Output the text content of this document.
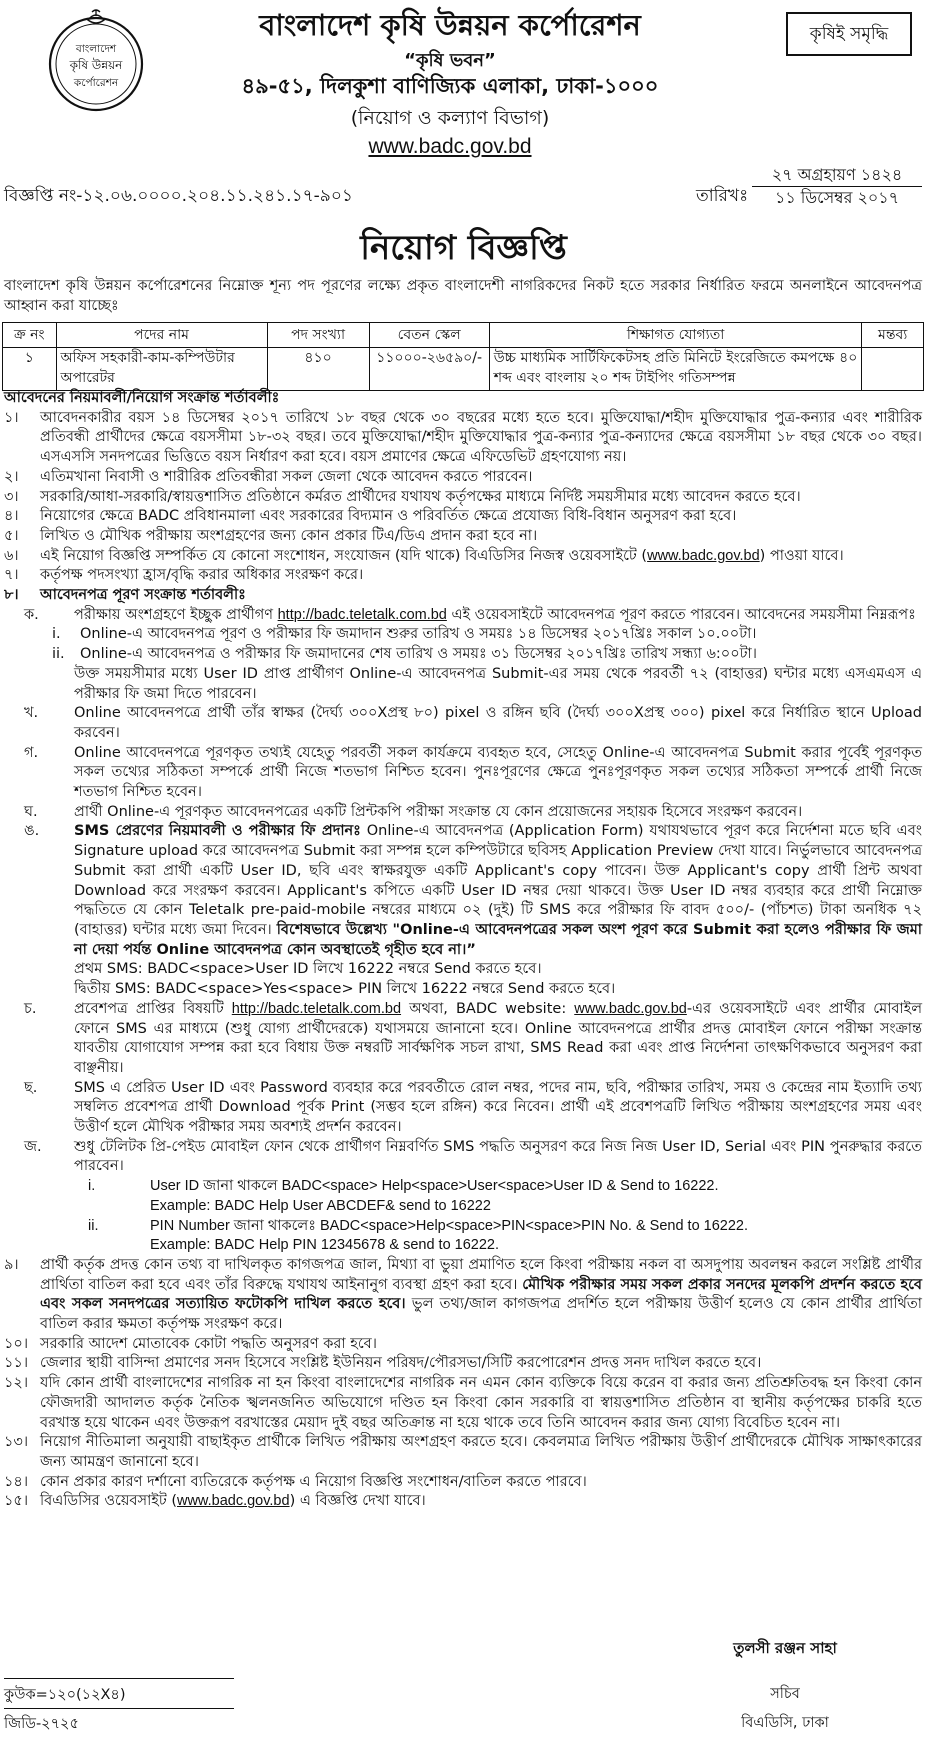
বাংলাদেশ
কৃষি উন্নয়ন
কর্পোরেশন
বাংলাদেশ কৃষি উন্নয়ন কর্পোরেশন
“কৃষি ভবন”
৪৯-৫১, দিলকুশা বাণিজ্যিক এলাকা, ঢাকা-১০০০
(নিয়োগ ও কল্যাণ বিভাগ)
www.badc.gov.bd
কৃষিই সমৃদ্ধি
বিজ্ঞপ্তি নং-১২.০৬.০০০০.২০৪.১১.২৪১.১৭-৯০১	তারিখঃ
২৭ অগ্রহায়ণ ১৪২৪
১১ ডিসেম্বর ২০১৭
নিয়োগ বিজ্ঞপ্তি
বাংলাদেশ কৃষি উন্নয়ন কর্পোরেশনের নিম্নোক্ত শূন্য পদ পূরণের লক্ষ্যে প্রকৃত বাংলাদেশী নাগরিকদের নিকট হতে সরকার নির্ধারিত ফরমে অনলাইনে আবেদনপত্র আহ্বান করা যাচ্ছেঃ
ক্র নং	পদের নাম	পদ সংখ্যা	বেতন স্কেল	শিক্ষাগত যোগ্যতা	মন্তব্য
১	অফিস সহকারী-কাম-কম্পিউটার অপারেটর	৪১০	১১০০০-২৬৫৯০/-	উচ্চ মাধ্যমিক সার্টিফিকেটসহ প্রতি মিনিটে ইংরেজিতে কমপক্ষে ৪০ শব্দ এবং বাংলায় ২০ শব্দ টাইপিং গতিসম্পন্ন	
আবেদনের নিয়মাবলী/নিয়োগ সংক্রান্ত শর্তাবলীঃ
১। আবেদনকারীর বয়স ১৪ ডিসেম্বর ২০১৭ তারিখে ১৮ বছর থেকে ৩০ বছরের মধ্যে হতে হবে। মুক্তিযোদ্ধা/শহীদ মুক্তিযোদ্ধার পুত্র-কন্যার এবং শারীরিক প্রতিবন্ধী প্রার্থীদের ক্ষেত্রে বয়সসীমা ১৮-৩২ বছর। তবে মুক্তিযোদ্ধা/শহীদ মুক্তিযোদ্ধার পুত্র-কন্যার পুত্র-কন্যাদের ক্ষেত্রে বয়সসীমা ১৮ বছর থেকে ৩০ বছর। এসএসসি সনদপত্রের ভিত্তিতে বয়স নির্ধারণ করা হবে। বয়স প্রমাণের ক্ষেত্রে এফিডেভিট গ্রহণযোগ্য নয়।
২। এতিমখানা নিবাসী ও শারীরিক প্রতিবন্ধীরা সকল জেলা থেকে আবেদন করতে পারবেন।
৩। সরকারি/আধা-সরকারি/স্বায়ত্তশাসিত প্রতিষ্ঠানে কর্মরত প্রার্থীদের যথাযথ কর্তৃপক্ষের মাধ্যমে নির্দিষ্ট সময়সীমার মধ্যে আবেদন করতে হবে।
৪। নিয়োগের ক্ষেত্রে BADC প্রবিধানমালা এবং সরকারের বিদ্যমান ও পরিবর্তিত ক্ষেত্রে প্রযোজ্য বিধি-বিধান অনুসরণ করা হবে।
৫। লিখিত ও মৌখিক পরীক্ষায় অংশগ্রহণের জন্য কোন প্রকার টিএ/ডিএ প্রদান করা হবে না।
৬। এই নিয়োগ বিজ্ঞপ্তি সম্পর্কিত যে কোনো সংশোধন, সংযোজন (যদি থাকে) বিএডিসির নিজস্ব ওয়েবসাইটে (www.badc.gov.bd) পাওয়া যাবে।
৭। কর্তৃপক্ষ পদসংখ্যা হ্রাস/বৃদ্ধি করার অধিকার সংরক্ষণ করে।
৮। আবেদনপত্র পূরণ সংক্রান্ত শর্তাবলীঃ
ক. পরীক্ষায় অংশগ্রহণে ইচ্ছুক প্রার্থীগণ http://badc.teletalk.com.bd এই ওয়েবসাইটে আবেদনপত্র পূরণ করতে পারবেন। আবেদনের সময়সীমা নিম্নরূপঃ
i. Online-এ আবেদনপত্র পূরণ ও পরীক্ষার ফি জমাদান শুরুর তারিখ ও সময়ঃ ১৪ ডিসেম্বর ২০১৭খ্রিঃ সকাল ১০.০০টা।
ii. Online-এ আবেদনপত্র ও পরীক্ষার ফি জমাদানের শেষ তারিখ ও সময়ঃ ৩১ ডিসেম্বর ২০১৭খ্রিঃ তারিখ সন্ধ্যা ৬:০০টা।
উক্ত সময়সীমার মধ্যে User ID প্রাপ্ত প্রার্থীগণ Online-এ আবেদনপত্র Submit-এর সময় থেকে পরবর্তী ৭২ (বাহাত্তর) ঘন্টার মধ্যে এসএমএস এ পরীক্ষার ফি জমা দিতে পারবেন।
খ. Online আবেদনপত্রে প্রার্থী তাঁর স্বাক্ষর (দৈর্ঘ্য ৩০০Xপ্রস্থ ৮০) pixel ও রঙ্গিন ছবি (দৈর্ঘ্য ৩০০Xপ্রস্থ ৩০০) pixel করে নির্ধারিত স্থানে Upload করবেন।
গ. Online আবেদনপত্রে পূরণকৃত তথ্যই যেহেতু পরবর্তী সকল কার্যক্রমে ব্যবহৃত হবে, সেহেতু Online-এ আবেদনপত্র Submit করার পূর্বেই পূরণকৃত সকল তথ্যের সঠিকতা সম্পর্কে প্রার্থী নিজে শতভাগ নিশ্চিত হবেন। পুনঃপূরণের ক্ষেত্রে পুনঃপূরণকৃত সকল তথ্যের সঠিকতা সম্পর্কে প্রার্থী নিজে শতভাগ নিশ্চিত হবেন।
ঘ.	প্রার্থী Online-এ পূরণকৃত আবেদনপত্রের একটি প্রিন্টকপি পরীক্ষা সংক্রান্ত যে কোন প্রয়োজনের সহায়ক হিসেবে সংরক্ষণ করবেন।
ঙ. SMS প্রেরণের নিয়মাবলী ও পরীক্ষার ফি প্রদানঃ Online-এ আবেদনপত্র (Application Form) যথাযথভাবে পূরণ করে নির্দেশনা মতে ছবি এবং Signature upload করে আবেদনপত্র Submit করা সম্পন্ন হলে কম্পিউটারে ছবিসহ Application Preview দেখা যাবে। নির্ভুলভাবে আবেদনপত্র Submit করা প্রার্থী একটি User ID, ছবি এবং স্বাক্ষরযুক্ত একটি Applicant's copy পাবেন। উক্ত Applicant's copy প্রার্থী প্রিন্ট অথবা Download করে সংরক্ষণ করবেন। Applicant's কপিতে একটি User ID নম্বর দেয়া থাকবে। উক্ত User ID নম্বর ব্যবহার করে প্রার্থী নিম্নোক্ত পদ্ধতিতে যে কোন Teletalk pre-paid-mobile নম্বরের মাধ্যমে ০২ (দুই) টি SMS করে পরীক্ষার ফি বাবদ ৫০০/- (পাঁচশত) টাকা অনধিক ৭২ (বাহাত্তর) ঘন্টার মধ্যে জমা দিবেন। বিশেষভাবে উল্লেখ্য "Online-এ আবেদনপত্রের সকল অংশ পূরণ করে Submit করা হলেও পরীক্ষার ফি জমা না দেয়া পর্যন্ত Online আবেদনপত্র কোন অবস্থাতেই গৃহীত হবে না।”
প্রথম SMS: BADC<space>User ID লিখে 16222 নম্বরে Send করতে হবে।
দ্বিতীয় SMS: BADC<space>Yes<space> PIN লিখে 16222 নম্বরে Send করতে হবে।
চ.	প্রবেশপত্র প্রাপ্তির বিষয়টি http://badc.teletalk.com.bd অথবা, BADC website: www.badc.gov.bd-এর ওয়েবসাইটে এবং প্রার্থীর মোবাইল ফোনে SMS এর মাধ্যমে (শুধু যোগ্য প্রার্থীদেরকে) যথাসময়ে জানানো হবে। Online আবেদনপত্রে প্রার্থীর প্রদত্ত মোবাইল ফোনে পরীক্ষা সংক্রান্ত যাবতীয় যোগাযোগ সম্পন্ন করা হবে বিধায় উক্ত নম্বরটি সার্বক্ষণিক সচল রাখা, SMS Read করা এবং প্রাপ্ত নির্দেশনা তাৎক্ষণিকভাবে অনুসরণ করা বাঞ্ছনীয়।
ছ.	SMS এ প্রেরিত User ID এবং Password ব্যবহার করে পরবর্তীতে রোল নম্বর, পদের নাম, ছবি, পরীক্ষার তারিখ, সময় ও কেন্দ্রের নাম ইত্যাদি তথ্য সম্বলিত প্রবেশপত্র প্রার্থী Download পূর্বক Print (সম্ভব হলে রঙ্গিন) করে নিবেন। প্রার্থী এই প্রবেশপত্রটি লিখিত পরীক্ষায় অংশগ্রহণের সময় এবং উত্তীর্ণ হলে মৌখিক পরীক্ষার সময় অবশ্যই প্রদর্শন করবেন।
জ. শুধু টেলিটক প্রি-পেইড মোবাইল ফোন থেকে প্রার্থীগণ নিম্নবর্ণিত SMS পদ্ধতি অনুসরণ করে নিজ নিজ User ID, Serial এবং PIN পুনরুদ্ধার করতে পারবেন।
i.	User ID জানা থাকলে BADC<space> Help<space>User<space>User ID & Send to 16222.
Example: BADC Help User ABCDEF& send to 16222
ii.	PIN Number জানা থাকলেঃ BADC<space>Help<space>PIN<space>PIN No. & Send to 16222.
Example: BADC Help PIN 12345678 & send to 16222.
৯। প্রার্থী কর্তৃক প্রদত্ত কোন তথ্য বা দাখিলকৃত কাগজপত্র জাল, মিথ্যা বা ভুয়া প্রমাণিত হলে কিংবা পরীক্ষায় নকল বা অসদুপায় অবলম্বন করলে সংশ্লিষ্ট প্রার্থীর প্রার্থিতা বাতিল করা হবে এবং তাঁর বিরুদ্ধে যথাযথ আইনানুগ ব্যবস্থা গ্রহণ করা হবে। মৌখিক পরীক্ষার সময় সকল প্রকার সনদের মূলকপি প্রদর্শন করতে হবে এবং সকল সনদপত্রের সত্যায়িত ফটোকপি দাখিল করতে হবে। ভুল তথ্য/জাল কাগজপত্র প্রদর্শিত হলে পরীক্ষায় উত্তীর্ণ হলেও যে কোন প্রার্থীর প্রার্থিতা বাতিল করার ক্ষমতা কর্তৃপক্ষ সংরক্ষণ করে।
১০। সরকারি আদেশ মোতাবেক কোটা পদ্ধতি অনুসরণ করা হবে।
১১। জেলার স্থায়ী বাসিন্দা প্রমাণের সনদ হিসেবে সংশ্লিষ্ট ইউনিয়ন পরিষদ/পৌরসভা/সিটি করপোরেশন প্রদত্ত সনদ দাখিল করতে হবে।
১২। যদি কোন প্রার্থী বাংলাদেশের নাগরিক না হন কিংবা বাংলাদেশের নাগরিক নন এমন কোন ব্যক্তিকে বিয়ে করেন বা করার জন্য প্রতিশ্রুতিবদ্ধ হন কিংবা কোন ফৌজদারী আদালত কর্তৃক নৈতিক স্খলনজনিত অভিযোগে দণ্ডিত হন কিংবা কোন সরকারি বা স্বায়ত্তশাসিত প্রতিষ্ঠান বা স্থানীয় কর্তৃপক্ষের চাকরি হতে বরখাস্ত হয়ে থাকেন এবং উক্তরূপ বরখাস্তের মেয়াদ দুই বছর অতিক্রান্ত না হয়ে থাকে তবে তিনি আবেদন করার জন্য যোগ্য বিবেচিত হবেন না।
১৩। নিয়োগ নীতিমালা অনুযায়ী বাছাইকৃত প্রার্থীকে লিখিত পরীক্ষায় অংশগ্রহণ করতে হবে। কেবলমাত্র লিখিত পরীক্ষায় উত্তীর্ণ প্রার্থীদেরকে মৌখিক সাক্ষাৎকারের জন্য আমন্ত্রণ জানানো হবে।
১৪। কোন প্রকার কারণ দর্শানো ব্যতিরেকে কর্তৃপক্ষ এ নিয়োগ বিজ্ঞপ্তি সংশোধন/বাতিল করতে পারবে।
১৫। বিএডিসির ওয়েবসাইট (www.badc.gov.bd) এ বিজ্ঞপ্তি দেখা যাবে।
তুলসী রঞ্জন সাহা
সচিব
বিএডিসি, ঢাকা
কুউক=১২০(১২X৪)
জিডি-২৭২৫
